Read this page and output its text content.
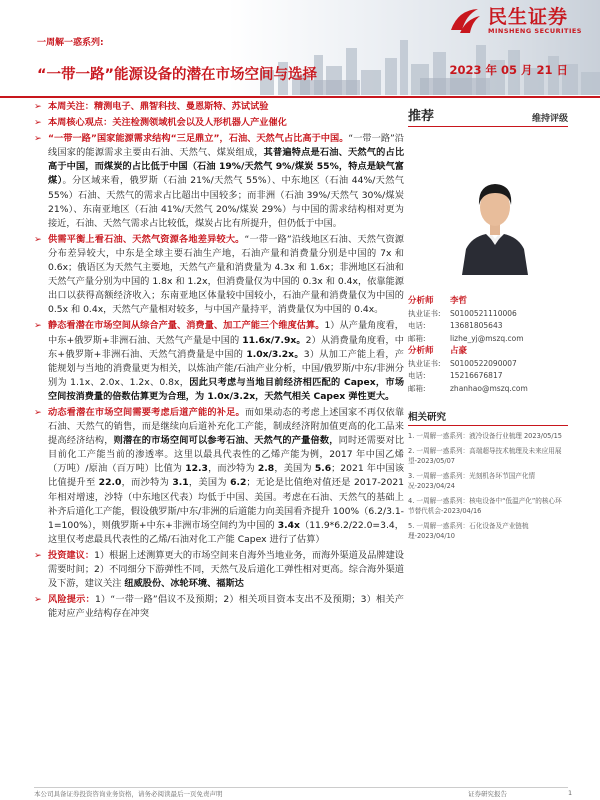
民生证券
MINSHENG SECURITIES
一周解一惑系列:
“一带一路”能源设备的潜在市场空间与选择	2023 年 05 月 21 日

➢ 本周关注：精测电子、鼎智科技、曼恩斯特、苏试试验

➢ 本周核心观点：关注检测领域机会以及人形机器人产业催化

➢ “一带一路”国家能源需求结构“三足鼎立”，石油、天然气占比高于中国。“一带一路”沿线国家的能源需求主要由石油、天然气、煤炭组成，其普遍特点是石油、天然气的占比高于中国，而煤炭的占比低于中国（石油 19%/天然气 9%/煤炭 55%，特点是缺气富煤）。分区域来看，俄罗斯（石油 21%/天然气 55%）、中东地区（石油 44%/天然气 55%）石油、天然气的需求占比超出中国较多；而非洲（石油 39%/天然气 30%/煤炭 21%）、东南亚地区（石油 41%/天然气 20%/煤炭 29%）与中国的需求结构相对更为接近，石油、天然气需求占比较低，煤炭占比有所提升，但仍低于中国。

➢ 供需平衡上看石油、天然气资源各地差异较大。“一带一路”沿线地区石油、天然气资源分布差异较大，中东是全球主要石油生产地，石油产量和消费量分别是中国的 7x 和 0.6x；俄语区为天然气主要地，天然气产量和消费量为 4.3x 和 1.6x；非洲地区石油和天然气产量分别为中国的 1.8x 和 1.2x，但消费量仅为中国的 0.3x 和 0.4x，依靠能源出口以获得高额经济收入；东南亚地区体量较中国较小，石油产量和消费量仅为中国的 0.5x 和 0.4x，天然气产量相对较多，与中国产量持平，消费量仅为中国的 0.4x。

➢ 静态看潜在市场空间从综合产量、消费量、加工产能三个维度估算。1）从产量角度看，中东+俄罗斯+非洲石油、天然气产量是中国的 11.6x/7.9x。2）从消费量角度看，中东+俄罗斯+非洲石油、天然气消费量是中国的 1.0x/3.2x。3）从加工产能上看，产能规划与当地的消费量更为相关，以炼油产能/石油产业分析，中国/俄罗斯/中东/非洲分别为 1.1x、2.0x、1.2x、0.8x，因此只考虑与当地目前经济相匹配的 Capex，市场空间按消费量的倍数估算更为合理，为 1.0x/3.2x，天然气相关 Capex 弹性更大。

➢ 动态看潜在市场空间需要考虑后道产能的补足。而如果动态的考虑上述国家不再仅依靠石油、天然气的销售，而是继续向后道补充化工产能，制成经济附加值更高的化工品来提高经济结构，则潜在的市场空间可以参考石油、天然气的产量倍数，同时还需要对比目前化工产能当前的渗透率。这里以最具代表性的乙烯产能为例，2017 年中国乙烯（万吨）/原油（百万吨）比值为 12.3，而沙特为 2.8，美国为 5.6；2021 年中国该比值提升至 22.0，而沙特为 3.1，美国为 6.2；无论是比值绝对值还是 2017-2021 年相对增速，沙特（中东地区代表）均低于中国、美国。考虑在石油、天然气的基础上补齐后道化工产能，假设俄罗斯/中东/非洲的后道能力向美国看齐提升 100%（6.2/3.1-1=100%），则俄罗斯+中东+非洲市场空间约为中国的 3.4x（11.9*6.2/22.0=3.4，这里仅考虑最具代表性的乙烯/石油对化工产能 Capex 进行了估算）

➢ 投资建议：1）根据上述测算更大的市场空间来自海外当地业务，而海外渠道及品牌建设需要时间；2）不同细分下游弹性不同，天然气及后道化工弹性相对更高。综合海外渠道及下游，建议关注 纽威股份、冰轮环境、福斯达

➢ 风险提示：1）“一带一路”倡议不及预期；2）相关项目资本支出不及预期；3）相关产能对应产业结构存在冲突

推荐	维持评级
分析师	李哲
执业证书:	S0100521110006
电话:	13681805643
邮箱:	lizhe_yj@mszq.com
分析师	占豪
执业证书:	S0100522090007
电话:	15216676817
邮箱:	zhanhao@mszq.com
相关研究
1. 一周解一惑系列：液冷设备行业梳理 2023/05/15
2. 一周解一惑系列：高端超导技术梳理及未来应用展望-2023/05/07
3. 一周解一惑系列：光刻机各环节国产化情况-2023/04/24
4. 一周解一惑系列：核电设备中“低温产化”的核心环节替代机会-2023/04/16
5. 一周解一惑系列：石化设备及产业链梳理-2023/04/10
本公司具备证券投资咨询业务资格，请务必阅读最后一页免责声明	证券研究报告	1
